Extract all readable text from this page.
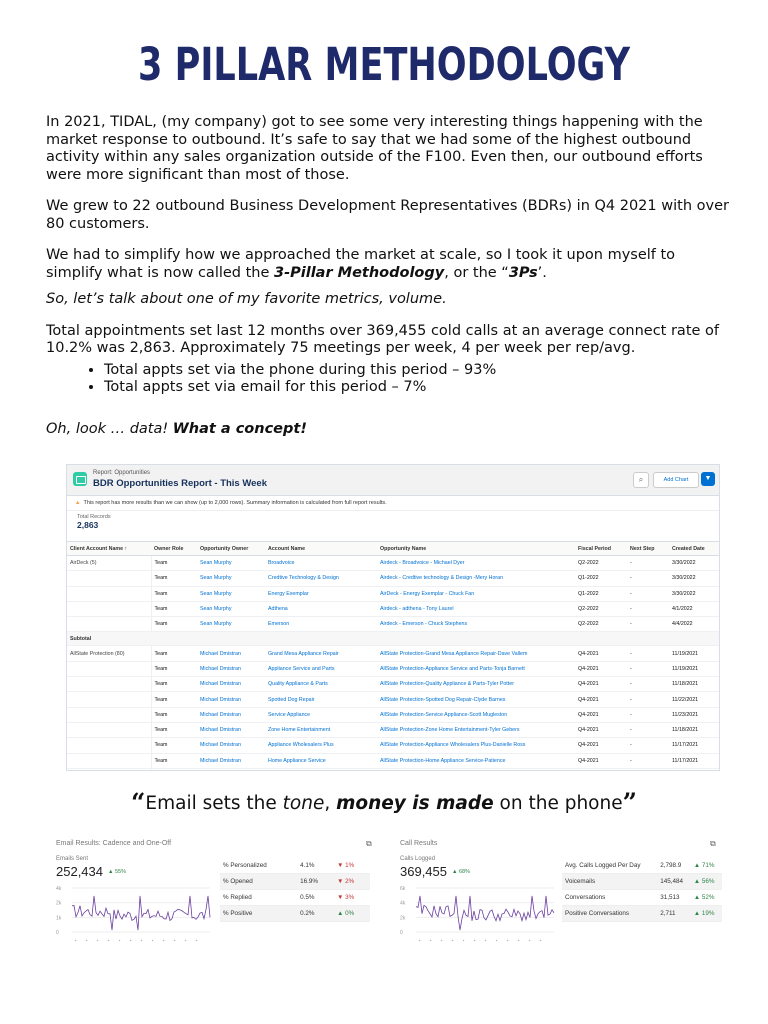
3 PILLAR METHODOLOGY

In 2021, TIDAL, (my company) got to see some very interesting things happening with the market response to outbound. It’s safe to say that we had some of the highest outbound activity within any sales organization outside of the F100. Even then, our outbound efforts were more significant than most of those.

We grew to 22 outbound Business Development Representatives (BDRs) in Q4 2021 with over 80 customers.

We had to simplify how we approached the market at scale, so I took it upon myself to simplify what is now called the 3-Pillar Methodology, or the “3Ps’.

So, let’s talk about one of my favorite metrics, volume.

Total appointments set last 12 months over 369,455 cold calls at an average connect rate of 10.2% was 2,863. Approximately 75 meetings per week, 4 per week per rep/avg.

• Total appts set via the phone during this period – 93%
• Total appts set via email for this period – 7%

Oh, look … data! What a concept!

Report: Opportunities
BDR Opportunities Report - This Week	⌕	Add Chart	▼
▲ This report has more results than we can show (up to 2,000 rows). Summary information is calculated from full report results.
Total Records
2,863
Client Account Name ↑	Owner Role	Opportunity Owner	Account Name	Opportunity Name	Fiscal Period	Next Step	Created Date
AirDeck (5)	Team	Sean Murphy	Broadvoice	Airdeck - Broadvoice - Michael Dyer	Q2-2022	-	3/30/2022
	Team	Sean Murphy	Credtive Technology & Design	Airdeck - Credtive technology & Design -Mery Horan	Q1-2022	-	3/30/2022
	Team	Sean Murphy	Energy Exemplar	AirDeck - Energy Exemplar - Chuck Fan	Q1-2022	-	3/30/2022
	Team	Sean Murphy	Adthena	Airdeck - adthena - Tony Laurel	Q2-2022	-	4/1/2022
	Team	Sean Murphy	Emerson	Airdeck - Emerson - Chuck Stephens	Q2-2022	-	4/4/2022
Subtotal							
AllState Protection (80)	Team	Michael Dmistran	Grand Mesa Appliance Repair	AllState Protection-Grand Mesa Appliance Repair-Dave Vallem	Q4-2021	-	11/19/2021
	Team	Michael Dmistran	Appliance Service and Parts	AllState Protection-Appliance Service and Parts-Tonja Barnett	Q4-2021	-	11/19/2021
	Team	Michael Dmistran	Quality Appliance & Parts	AllState Protection-Quality Appliance & Parts-Tyler Potter	Q4-2021	-	11/18/2021
	Team	Michael Dmistran	Spotted Dog Repair	AllState Protection-Spotted Dog Repair-Clyde Barnes	Q4-2021	-	11/22/2021
	Team	Michael Dmistran	Service Appliance	AllState Protection-Service Appliance-Scott Mugleston	Q4-2021	-	11/23/2021
	Team	Michael Dmistran	Zone Home Entertainment	AllState Protection-Zone Home Entertainment-Tyler Gebers	Q4-2021	-	11/18/2021
	Team	Michael Dmistran	Appliance Wholesalers Plus	AllState Protection-Appliance Wholesalers Plus-Danielle Ross	Q4-2021	-	11/17/2021
	Team	Michael Dmistran	Home Appliance Service	AllState Protection-Home Appliance Service-Patience	Q4-2021	-	11/17/2021

“Email sets the tone, money is made on the phone”
Email Results: Cadence and One-Off	⧉
Emails Sent
252,434 ▲ 55%
4k
2k
1k
0
▪ ▪ ▪ ▪ ▪ ▪ ▪ ▪ ▪ ▪ ▪ ▪
% Personalized	4.1%	▼ 1%
% Opened	16.9%	▼ 2%
% Replied	0.5%	▼ 3%
% Positive	0.2%	▲ 0%
Call Results	⧉
Calls Logged
369,455 ▲ 68%
6k
4k
2k
0
▪ ▪ ▪ ▪ ▪ ▪ ▪ ▪ ▪ ▪ ▪ ▪
Avg. Calls Logged Per Day	2,798.9	▲ 71%
Voicemails	145,484	▲ 56%
Conversations	31,513	▲ 52%
Positive Conversations	2,711	▲ 19%
